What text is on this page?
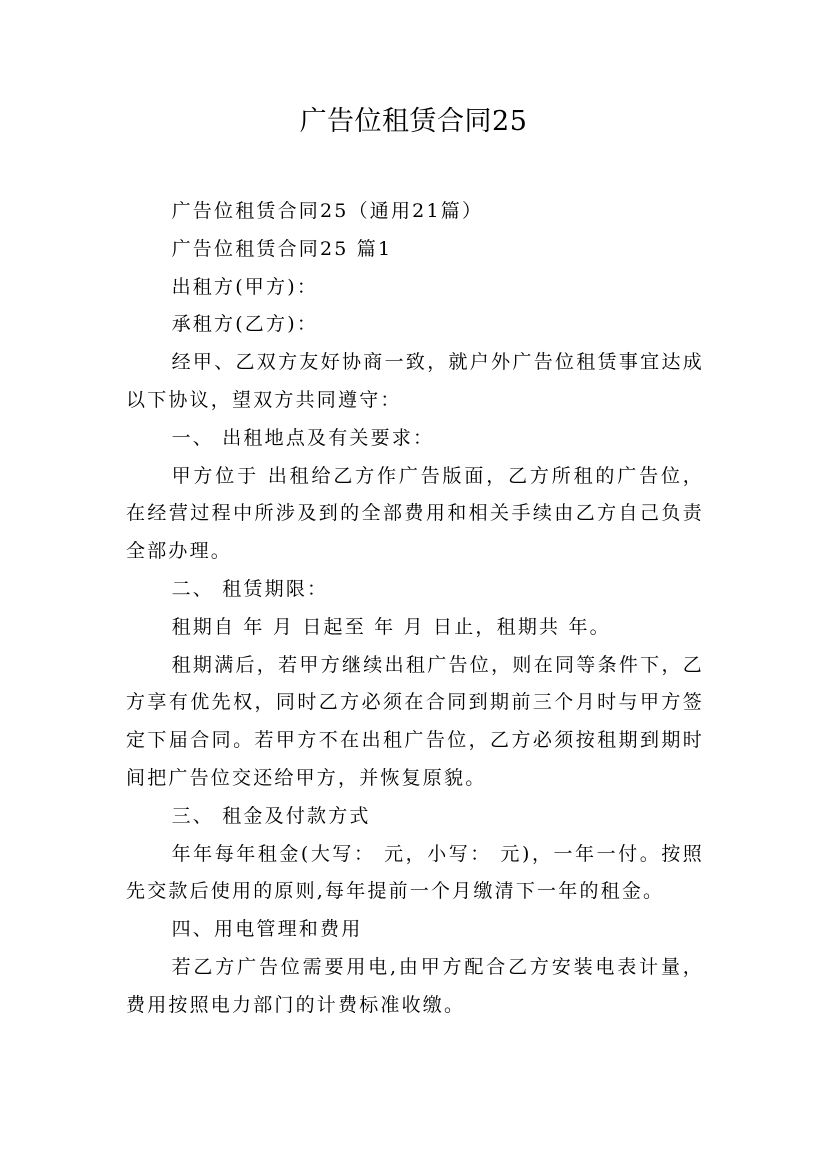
广告位租赁合同25

广告位租赁合同25（通用21篇）

广告位租赁合同25 篇1

出租方(甲方)：

承租方(乙方)：

经甲、乙双方友好协商一致，就户外广告位租赁事宜达成以下协议，望双方共同遵守：

一、 出租地点及有关要求：

甲方位于 出租给乙方作广告版面，乙方所租的广告位，在经营过程中所涉及到的全部费用和相关手续由乙方自己负责全部办理。

二、 租赁期限：

租期自 年 月 日起至 年 月 日止，租期共 年。

租期满后，若甲方继续出租广告位，则在同等条件下，乙方享有优先权，同时乙方必须在合同到期前三个月时与甲方签定下届合同。若甲方不在出租广告位，乙方必须按租期到期时间把广告位交还给甲方，并恢复原貌。

三、 租金及付款方式

年年每年租金(大写： 元，小写： 元)，一年一付。按照先交款后使用的原则,每年提前一个月缴清下一年的租金。

四、用电管理和费用

若乙方广告位需要用电,由甲方配合乙方安装电表计量，费用按照电力部门的计费标准收缴。
